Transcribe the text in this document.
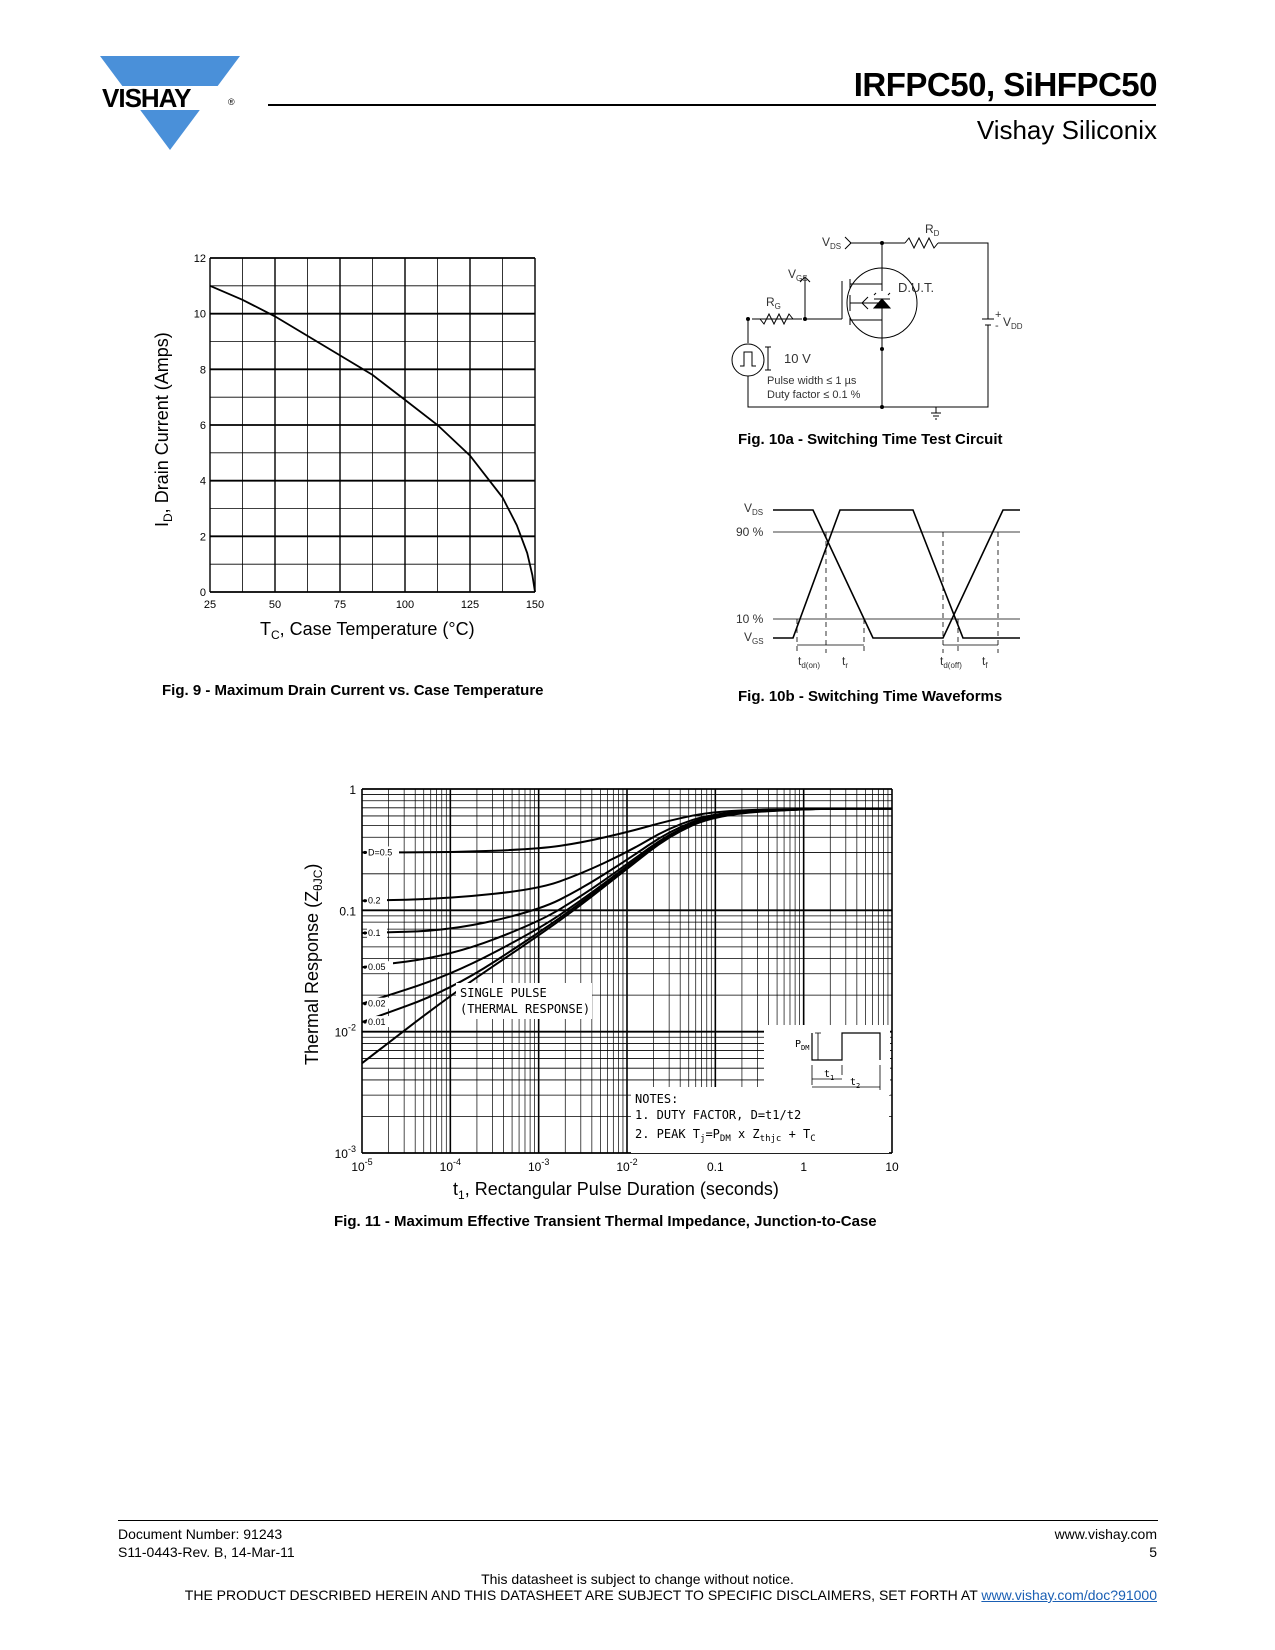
VISHAY	®	IRFPC50, SiHFPC50
Vishay Siliconix
25	50	75	100	125	150
0
2
4
6
8
10
12
$I_D$, Drain Current (Amps)
$T_C$, Case Temperature (°C)
Fig. 9 - Maximum Drain Current vs. Case Temperature
$R_D$
$V_{DS}$
$V_{GS}$
$R_G$
D.U.T.
+
- $V_{DD}$
10 V
Pulse width ≤ 1 µs
Duty factor ≤ 0.1 %
Fig. 10a - Switching Time Test Circuit
$V_{DS}$
90 %
10 %
$V_{GS}$
$t_{d(on)}$ $t_r$	$t_{d(off)}$ $t_f$
Fig. 10b - Switching Time Waveforms
$10^{-5}$	$10^{-4}$	$10^{-3}$	$10^{-2}$	0.1	1	10
1
0.1
$10^{-2}$
$10^{-3}$
D=0.5
0.2
0.1
0.05
0.02
0.01
SINGLE PULSE
(THERMAL RESPONSE)
NOTES:
1. DUTY FACTOR, D=t1/t2
2. PEAK $T_j=P_{DM}$ x $Z_{thjc} + T_C$
$P_{DM}$
$t_1$ $t_2$
Thermal Response $(Z_{\theta JC})$
$t_1$, Rectangular Pulse Duration (seconds)
Fig. 11 - Maximum Effective Transient Thermal Impedance, Junction-to-Case
Document Number: 91243
S11-0443-Rev. B, 14-Mar-11
www.vishay.com
5
This datasheet is subject to change without notice.
THE PRODUCT DESCRIBED HEREIN AND THIS DATASHEET ARE SUBJECT TO SPECIFIC DISCLAIMERS, SET FORTH AT www.vishay.com/doc?91000
